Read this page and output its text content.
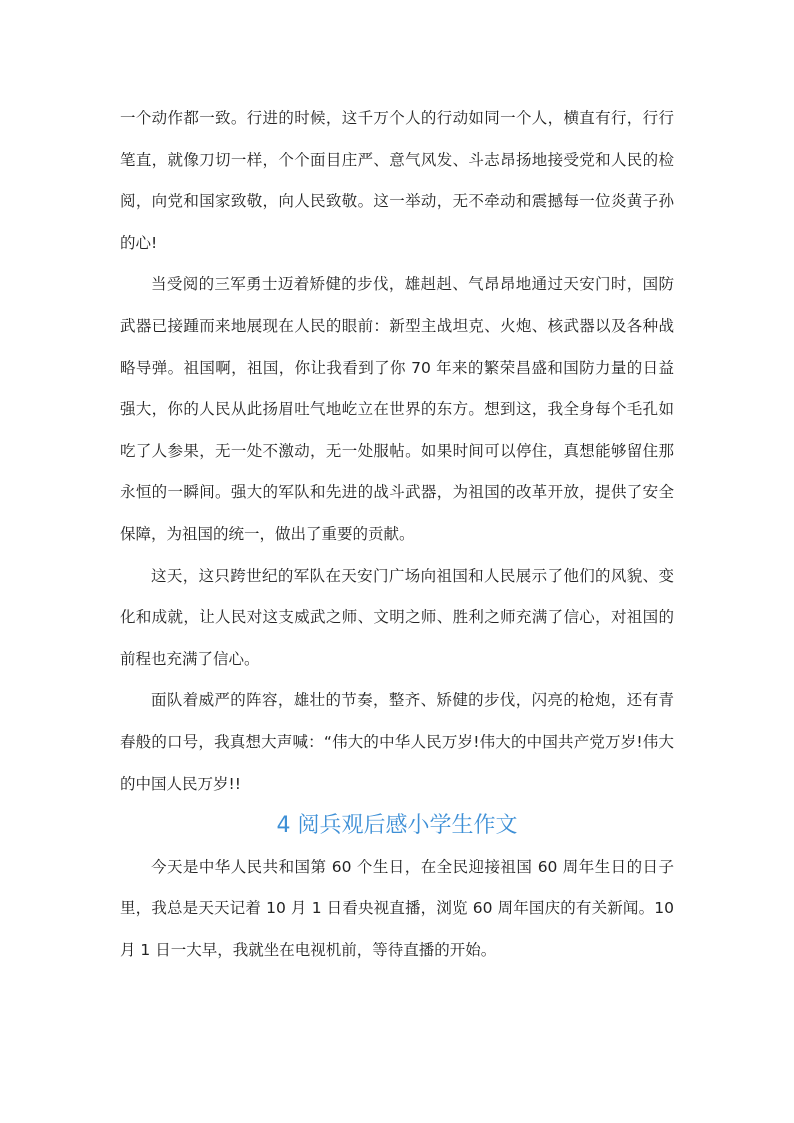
一个动作都一致。行进的时候，这千万个人的行动如同一个人，横直有行，行行笔直，就像刀切一样，个个面目庄严、意气风发、斗志昂扬地接受党和人民的检阅，向党和国家致敬，向人民致敬。这一举动，无不牵动和震撼每一位炎黄子孙的心!

当受阅的三军勇士迈着矫健的步伐，雄赳赳、气昂昂地通过天安门时，国防武器已接踵而来地展现在人民的眼前：新型主战坦克、火炮、核武器以及各种战略导弹。祖国啊，祖国，你让我看到了你 70 年来的繁荣昌盛和国防力量的日益强大，你的人民从此扬眉吐气地屹立在世界的东方。想到这，我全身每个毛孔如吃了人参果，无一处不激动，无一处服帖。如果时间可以停住，真想能够留住那永恒的一瞬间。强大的军队和先进的战斗武器，为祖国的改革开放，提供了安全保障，为祖国的统一，做出了重要的贡献。

这天，这只跨世纪的军队在天安门广场向祖国和人民展示了他们的风貌、变化和成就，让人民对这支威武之师、文明之师、胜利之师充满了信心，对祖国的前程也充满了信心。

面队着威严的阵容，雄壮的节奏，整齐、矫健的步伐，闪亮的枪炮，还有青春般的口号，我真想大声喊：“伟大的中华人民万岁!伟大的中国共产党万岁!伟大的中国人民万岁!!

4 阅兵观后感小学生作文

今天是中华人民共和国第 60 个生日，在全民迎接祖国 60 周年生日的日子里，我总是天天记着 10 月 1 日看央视直播，浏览 60 周年国庆的有关新闻。10 月 1 日一大早，我就坐在电视机前，等待直播的开始。
